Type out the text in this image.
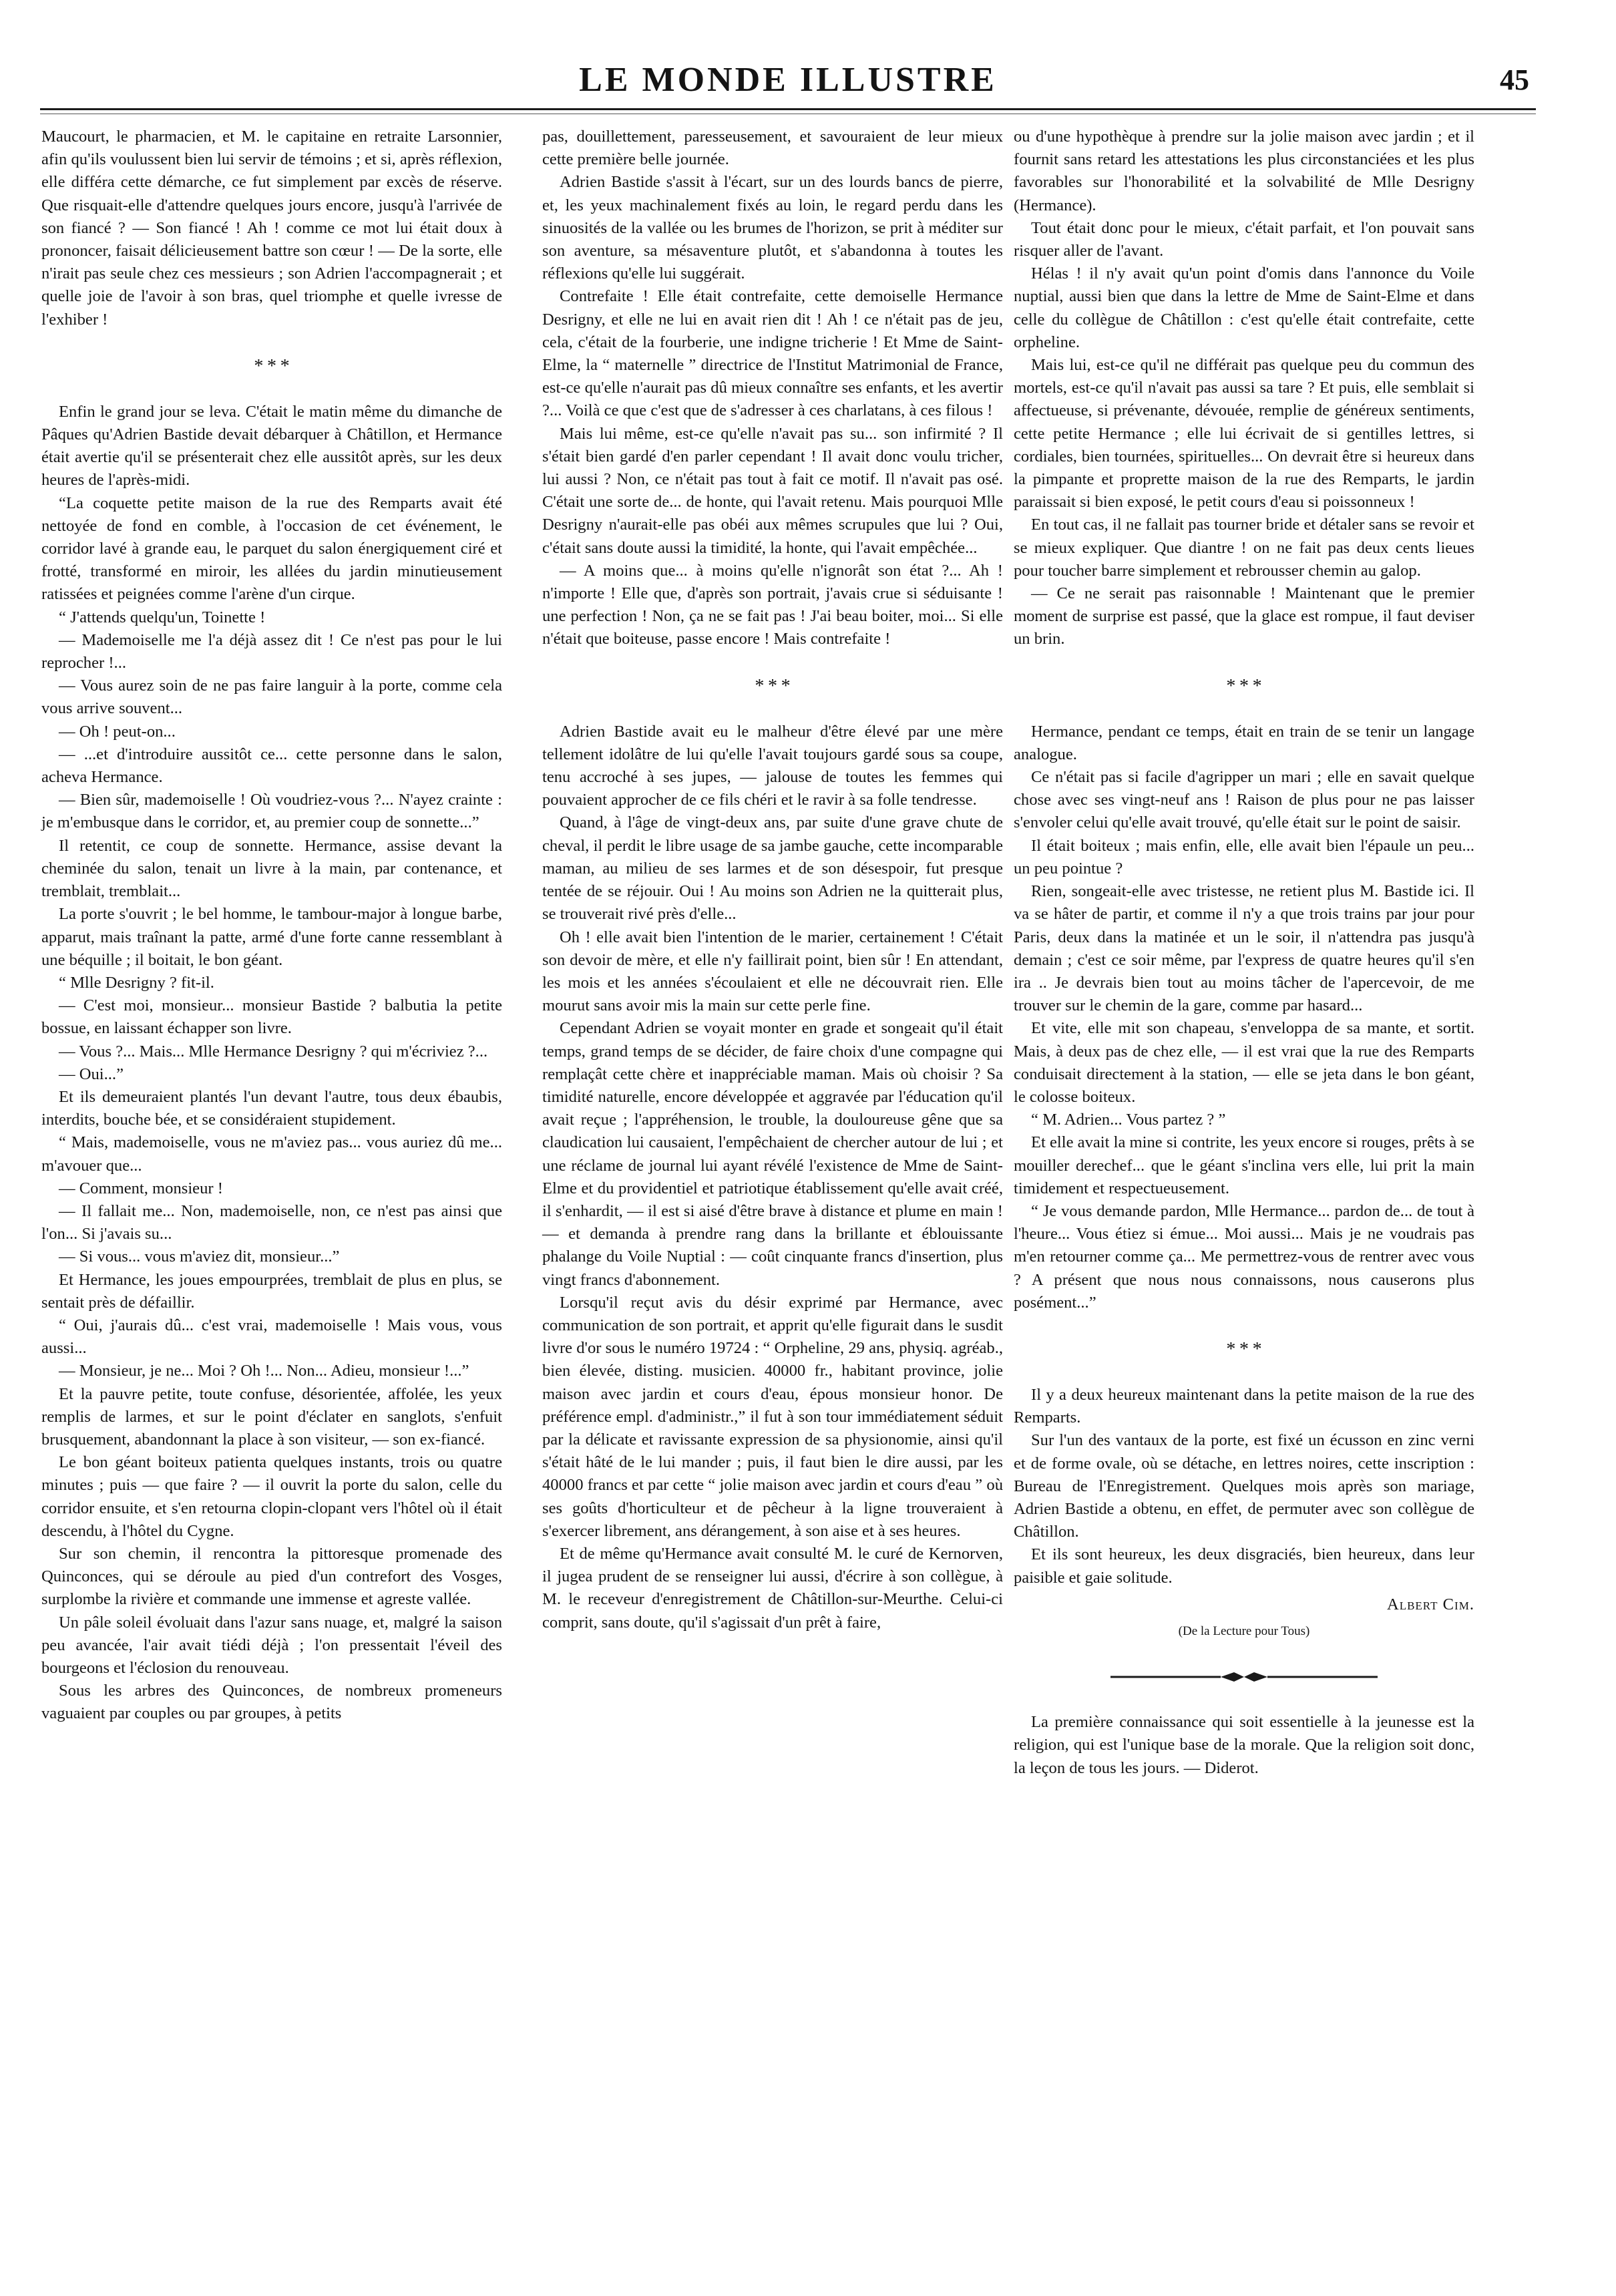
LE MONDE ILLUSTRE	45

Maucourt, le pharmacien, et M. le capitaine en retraite Larsonnier, afin qu'ils voulussent bien lui servir de témoins ; et si, après réflexion, elle différa cette démarche, ce fut simplement par excès de réserve. Que risquait-elle d'attendre quelques jours encore, jusqu'à l'arrivée de son fiancé ? — Son fiancé ! Ah ! comme ce mot lui était doux à prononcer, faisait délicieusement battre son cœur ! — De la sorte, elle n'irait pas seule chez ces messieurs ; son Adrien l'accompagnerait ; et quelle joie de l'avoir à son bras, quel triomphe et quelle ivresse de l'exhiber !

* * *

Enfin le grand jour se leva. C'était le matin même du dimanche de Pâques qu'Adrien Bastide devait débarquer à Châtillon, et Hermance était avertie qu'il se présenterait chez elle aussitôt après, sur les deux heures de l'après-midi.

“La coquette petite maison de la rue des Remparts avait été nettoyée de fond en comble, à l'occasion de cet événement, le corridor lavé à grande eau, le parquet du salon énergiquement ciré et frotté, transformé en miroir, les allées du jardin minutieusement ratissées et peignées comme l'arène d'un cirque.

“ J'attends quelqu'un, Toinette !

— Mademoiselle me l'a déjà assez dit ! Ce n'est pas pour le lui reprocher !...

— Vous aurez soin de ne pas faire languir à la porte, comme cela vous arrive souvent...

— Oh ! peut-on...

— ...et d'introduire aussitôt ce... cette personne dans le salon, acheva Hermance.

— Bien sûr, mademoiselle ! Où voudriez-vous ?... N'ayez crainte : je m'embusque dans le corridor, et, au premier coup de sonnette...”

Il retentit, ce coup de sonnette. Hermance, assise devant la cheminée du salon, tenait un livre à la main, par contenance, et tremblait, tremblait...

La porte s'ouvrit ; le bel homme, le tambour-major à longue barbe, apparut, mais traînant la patte, armé d'une forte canne ressemblant à une béquille ; il boitait, le bon géant.

“ Mlle Desrigny ? fit-il.

— C'est moi, monsieur... monsieur Bastide ? balbutia la petite bossue, en laissant échapper son livre.

— Vous ?... Mais... Mlle Hermance Desrigny ? qui m'écriviez ?...

— Oui...”

Et ils demeuraient plantés l'un devant l'autre, tous deux ébaubis, interdits, bouche bée, et se considéraient stupidement.

“ Mais, mademoiselle, vous ne m'aviez pas... vous auriez dû me... m'avouer que...

— Comment, monsieur !

— Il fallait me... Non, mademoiselle, non, ce n'est pas ainsi que l'on... Si j'avais su...

— Si vous... vous m'aviez dit, monsieur...”

Et Hermance, les joues empourprées, tremblait de plus en plus, se sentait près de défaillir.

“ Oui, j'aurais dû... c'est vrai, mademoiselle ! Mais vous, vous aussi...

— Monsieur, je ne... Moi ? Oh !... Non... Adieu, monsieur !...”

Et la pauvre petite, toute confuse, désorientée, affolée, les yeux remplis de larmes, et sur le point d'éclater en sanglots, s'enfuit brusquement, abandonnant la place à son visiteur, — son ex-fiancé.

Le bon géant boiteux patienta quelques instants, trois ou quatre minutes ; puis — que faire ? — il ouvrit la porte du salon, celle du corridor ensuite, et s'en retourna clopin-clopant vers l'hôtel où il était descendu, à l'hôtel du Cygne.

Sur son chemin, il rencontra la pittoresque promenade des Quinconces, qui se déroule au pied d'un contrefort des Vosges, surplombe la rivière et commande une immense et agreste vallée.

Un pâle soleil évoluait dans l'azur sans nuage, et, malgré la saison peu avancée, l'air avait tiédi déjà ; l'on pressentait l'éveil des bourgeons et l'éclosion du renouveau.

Sous les arbres des Quinconces, de nombreux promeneurs vaguaient par couples ou par groupes, à petits

pas, douillettement, paresseusement, et savouraient de leur mieux cette première belle journée.

Adrien Bastide s'assit à l'écart, sur un des lourds bancs de pierre, et, les yeux machinalement fixés au loin, le regard perdu dans les sinuosités de la vallée ou les brumes de l'horizon, se prit à méditer sur son aventure, sa mésaventure plutôt, et s'abandonna à toutes les réflexions qu'elle lui suggérait.

Contrefaite ! Elle était contrefaite, cette demoiselle Hermance Desrigny, et elle ne lui en avait rien dit ! Ah ! ce n'était pas de jeu, cela, c'était de la fourberie, une indigne tricherie ! Et Mme de Saint-Elme, la “ maternelle ” directrice de l'Institut Matrimonial de France, est-ce qu'elle n'aurait pas dû mieux connaître ses enfants, et les avertir ?... Voilà ce que c'est que de s'adresser à ces charlatans, à ces filous !

Mais lui même, est-ce qu'elle n'avait pas su... son infirmité ? Il s'était bien gardé d'en parler cependant ! Il avait donc voulu tricher, lui aussi ? Non, ce n'était pas tout à fait ce motif. Il n'avait pas osé. C'était une sorte de... de honte, qui l'avait retenu. Mais pourquoi Mlle Desrigny n'aurait-elle pas obéi aux mêmes scrupules que lui ? Oui, c'était sans doute aussi la timidité, la honte, qui l'avait empêchée...

— A moins que... à moins qu'elle n'ignorât son état ?... Ah ! n'importe ! Elle que, d'après son portrait, j'avais crue si séduisante ! une perfection ! Non, ça ne se fait pas ! J'ai beau boiter, moi... Si elle n'était que boiteuse, passe encore ! Mais contrefaite !

* * *

Adrien Bastide avait eu le malheur d'être élevé par une mère tellement idolâtre de lui qu'elle l'avait toujours gardé sous sa coupe, tenu accroché à ses jupes, — jalouse de toutes les femmes qui pouvaient approcher de ce fils chéri et le ravir à sa folle tendresse.

Quand, à l'âge de vingt-deux ans, par suite d'une grave chute de cheval, il perdit le libre usage de sa jambe gauche, cette incomparable maman, au milieu de ses larmes et de son désespoir, fut presque tentée de se réjouir. Oui ! Au moins son Adrien ne la quitterait plus, se trouverait rivé près d'elle...

Oh ! elle avait bien l'intention de le marier, certainement ! C'était son devoir de mère, et elle n'y faillirait point, bien sûr ! En attendant, les mois et les années s'écoulaient et elle ne découvrait rien. Elle mourut sans avoir mis la main sur cette perle fine.

Cependant Adrien se voyait monter en grade et songeait qu'il était temps, grand temps de se décider, de faire choix d'une compagne qui remplaçât cette chère et inappréciable maman. Mais où choisir ? Sa timidité naturelle, encore développée et aggravée par l'éducation qu'il avait reçue ; l'appréhension, le trouble, la douloureuse gêne que sa claudication lui causaient, l'empêchaient de chercher autour de lui ; et une réclame de journal lui ayant révélé l'existence de Mme de Saint-Elme et du providentiel et patriotique établissement qu'elle avait créé, il s'enhardit, — il est si aisé d'être brave à distance et plume en main ! — et demanda à prendre rang dans la brillante et éblouissante phalange du Voile Nuptial : — coût cinquante francs d'insertion, plus vingt francs d'abonnement.

Lorsqu'il reçut avis du désir exprimé par Hermance, avec communication de son portrait, et apprit qu'elle figurait dans le susdit livre d'or sous le numéro 19724 : “ Orpheline, 29 ans, physiq. agréab., bien élevée, disting. musicien. 40000 fr., habitant province, jolie maison avec jardin et cours d'eau, épous monsieur honor. De préférence empl. d'administr.,” il fut à son tour immédiatement séduit par la délicate et ravissante expression de sa physionomie, ainsi qu'il s'était hâté de le lui mander ; puis, il faut bien le dire aussi, par les 40000 francs et par cette “ jolie maison avec jardin et cours d'eau ” où ses goûts d'horticulteur et de pêcheur à la ligne trouveraient à s'exercer librement, ans dérangement, à son aise et à ses heures.

Et de même qu'Hermance avait consulté M. le curé de Kernorven, il jugea prudent de se renseigner lui aussi, d'écrire à son collègue, à M. le receveur d'enregistrement de Châtillon-sur-Meurthe. Celui-ci comprit, sans doute, qu'il s'agissait d'un prêt à faire,

ou d'une hypothèque à prendre sur la jolie maison avec jardin ; et il fournit sans retard les attestations les plus circonstanciées et les plus favorables sur l'honorabilité et la solvabilité de Mlle Desrigny (Hermance).

Tout était donc pour le mieux, c'était parfait, et l'on pouvait sans risquer aller de l'avant.

Hélas ! il n'y avait qu'un point d'omis dans l'annonce du Voile nuptial, aussi bien que dans la lettre de Mme de Saint-Elme et dans celle du collègue de Châtillon : c'est qu'elle était contrefaite, cette orpheline.

Mais lui, est-ce qu'il ne différait pas quelque peu du commun des mortels, est-ce qu'il n'avait pas aussi sa tare ? Et puis, elle semblait si affectueuse, si prévenante, dévouée, remplie de généreux sentiments, cette petite Hermance ; elle lui écrivait de si gentilles lettres, si cordiales, bien tournées, spirituelles... On devrait être si heureux dans la pimpante et proprette maison de la rue des Remparts, le jardin paraissait si bien exposé, le petit cours d'eau si poissonneux !

En tout cas, il ne fallait pas tourner bride et détaler sans se revoir et se mieux expliquer. Que diantre ! on ne fait pas deux cents lieues pour toucher barre simplement et rebrousser chemin au galop.

— Ce ne serait pas raisonnable ! Maintenant que le premier moment de surprise est passé, que la glace est rompue, il faut deviser un brin.

* * *

Hermance, pendant ce temps, était en train de se tenir un langage analogue.

Ce n'était pas si facile d'agripper un mari ; elle en savait quelque chose avec ses vingt-neuf ans ! Raison de plus pour ne pas laisser s'envoler celui qu'elle avait trouvé, qu'elle était sur le point de saisir.

Il était boiteux ; mais enfin, elle, elle avait bien l'épaule un peu... un peu pointue ?

Rien, songeait-elle avec tristesse, ne retient plus M. Bastide ici. Il va se hâter de partir, et comme il n'y a que trois trains par jour pour Paris, deux dans la matinée et un le soir, il n'attendra pas jusqu'à demain ; c'est ce soir même, par l'express de quatre heures qu'il s'en ira .. Je devrais bien tout au moins tâcher de l'apercevoir, de me trouver sur le chemin de la gare, comme par hasard...

Et vite, elle mit son chapeau, s'enveloppa de sa mante, et sortit. Mais, à deux pas de chez elle, — il est vrai que la rue des Remparts conduisait directement à la station, — elle se jeta dans le bon géant, le colosse boiteux.

“ M. Adrien... Vous partez ? ”

Et elle avait la mine si contrite, les yeux encore si rouges, prêts à se mouiller derechef... que le géant s'inclina vers elle, lui prit la main timidement et respectueusement.

“ Je vous demande pardon, Mlle Hermance... pardon de... de tout à l'heure... Vous étiez si émue... Moi aussi... Mais je ne voudrais pas m'en retourner comme ça... Me permettrez-vous de rentrer avec vous ? A présent que nous nous connaissons, nous causerons plus posément...”

* * *

Il y a deux heureux maintenant dans la petite maison de la rue des Remparts.

Sur l'un des vantaux de la porte, est fixé un écusson en zinc verni et de forme ovale, où se détache, en lettres noires, cette inscription : Bureau de l'Enregistrement. Quelques mois après son mariage, Adrien Bastide a obtenu, en effet, de permuter avec son collègue de Châtillon.

Et ils sont heureux, les deux disgraciés, bien heureux, dans leur paisible et gaie solitude.

Albert Cim.
(De la Lecture pour Tous)

La première connaissance qui soit essentielle à la jeunesse est la religion, qui est l'unique base de la morale. Que la religion soit donc, la leçon de tous les jours. — Diderot.
